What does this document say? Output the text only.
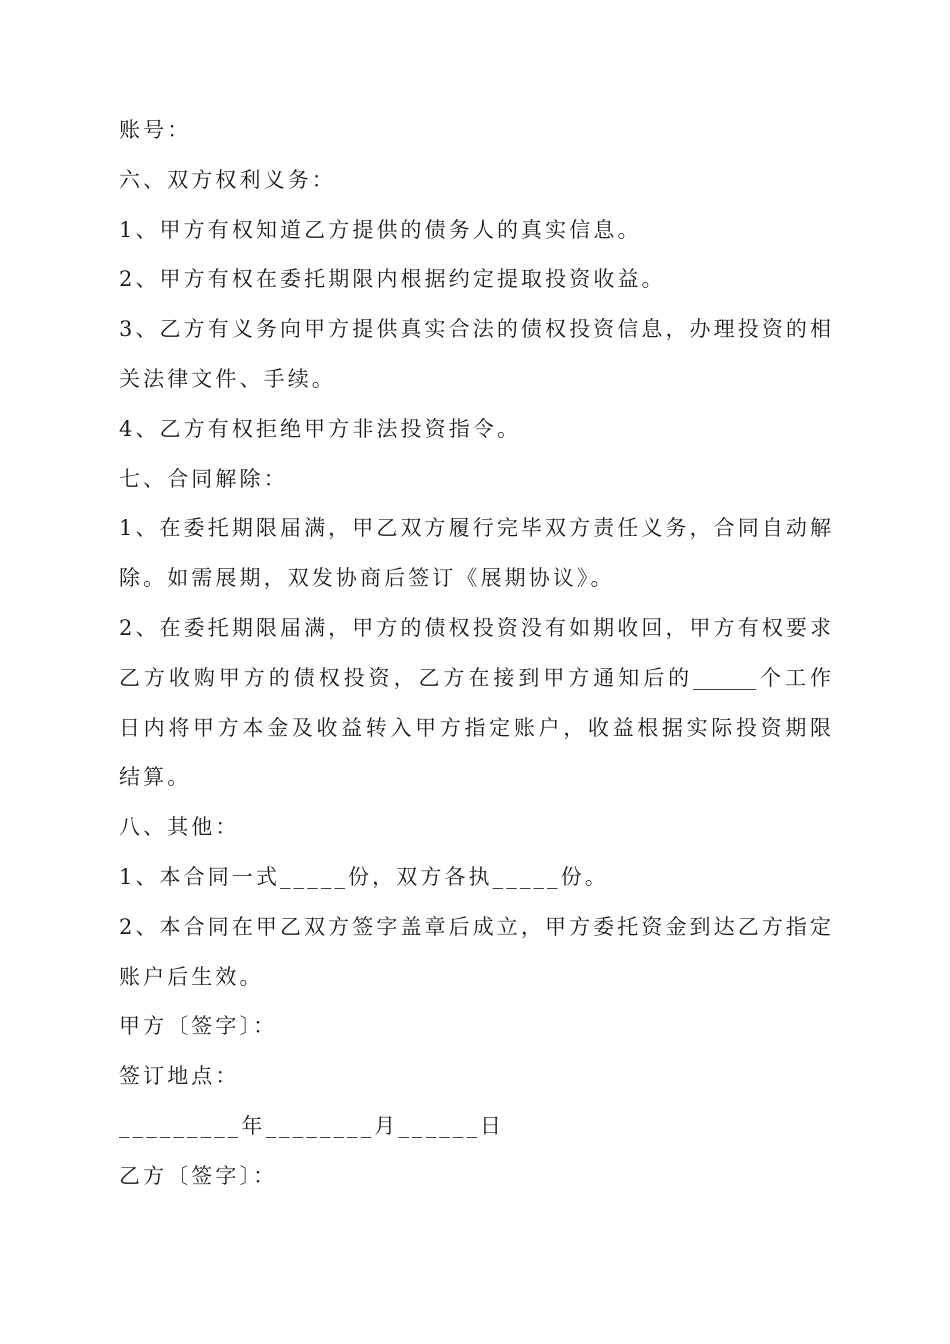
账号：
六、双方权利义务：
1、甲方有权知道乙方提供的债务人的真实信息。
2、甲方有权在委托期限内根据约定提取投资收益。
3、乙方有义务向甲方提供真实合法的债权投资信息，办理投资的相
关法律文件、手续。
4、乙方有权拒绝甲方非法投资指令。
七、合同解除：
1、在委托期限届满，甲乙双方履行完毕双方责任义务，合同自动解
除。如需展期，双发协商后签订《展期协议》。
2、在委托期限届满，甲方的债权投资没有如期收回，甲方有权要求
乙方收购甲方的债权投资，乙方在接到甲方通知后的______个工作
日内将甲方本金及收益转入甲方指定账户，收益根据实际投资期限
结算。
八、其他：
1、本合同一式_____份，双方各执_____份。
2、本合同在甲乙双方签字盖章后成立，甲方委托资金到达乙方指定
账户后生效。
甲方〔签字〕：
签订地点：
_________年________月______日
乙方〔签字〕：
